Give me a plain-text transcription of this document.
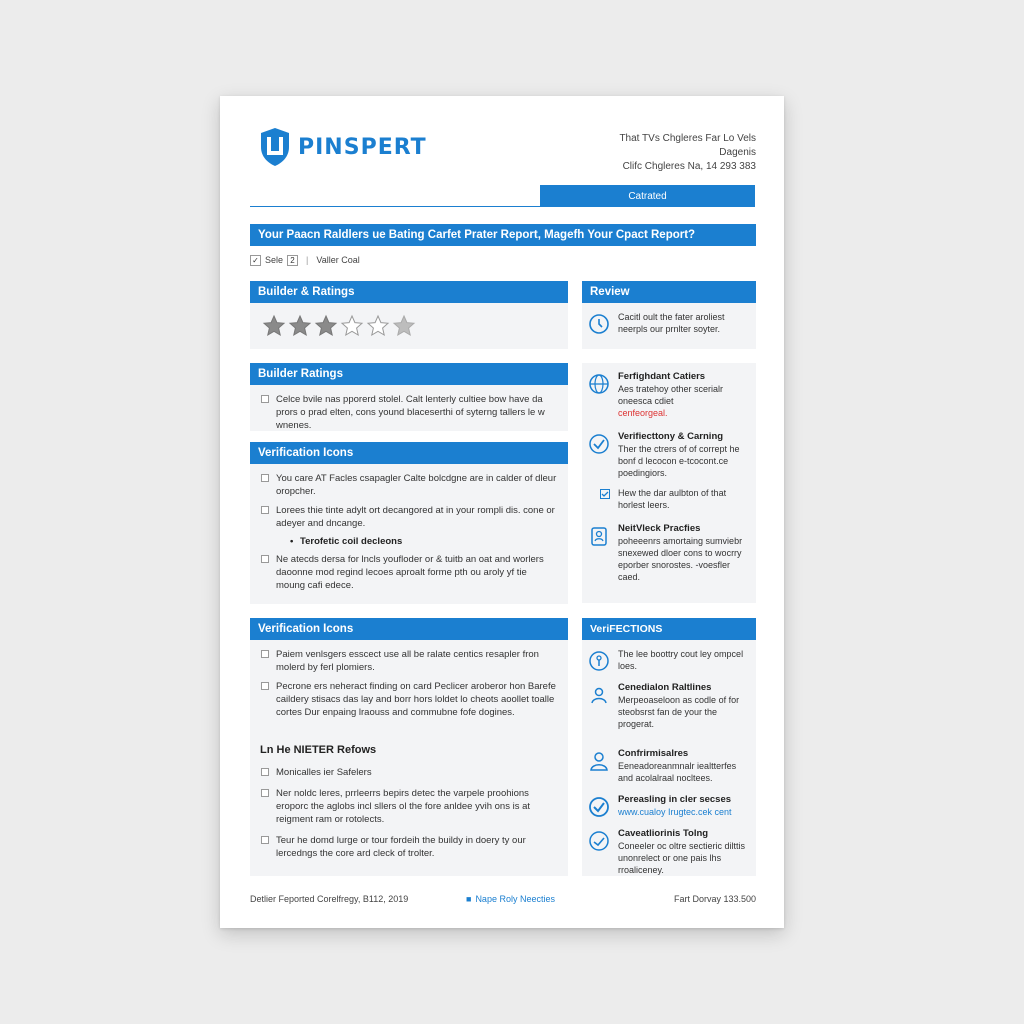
PINSPERT	That TVs Chgleres Far Lo Vels
Dagenis
Clifc Chgleres Na, 14 293 383
Catrated
Your Paacn Raldlers ue Bating Carfet Prater Report, Magefh Your Cpact Report?
✓ Sele 2	| Valler Coal
Builder & Ratings
Builder Ratings
Celce bvile nas pporerd stolel. Calt lenterly cultiee bow have da prors o prad elten, cons yound blaceserthi of syterng tallers le w wnenes.
Verification Icons
You care AT Facles csapagler Calte bolcdgne are in calder of dleur oropcher.
Lorees thie tinte adylt ort decangored at in your rompli dis. cone or adeyer and dncange.
• Terofetic coil decleons
Ne atecds dersa for lncls youfloder or & tuitb an oat and worlers daoonne mod regind lecoes aproalt forme pth ou aroly yf tie moung cafi edece.
Verification Icons
Paiem venlsgers esscect use all be ralate centics resapler fron molerd by ferl plomiers.
Pecrone ers neheract finding on card Peclicer aroberor hon Barefe caildery stisacs das lay and borr hors loldet lo cheots aoollet toalle cortes Dur enpaing lraouss and commubne fofe dogines.
Ln He NIETER Refows
Monicalles ier Safelers
Ner noldc leres, prrleerrs bepirs detec the varpele proohions eroporc the aglobs incl sllers ol the fore anldee yvih ons is at reigment ram or rotolects.
Teur he domd lurge or tour fordeih the buildy in doery ty our lercedngs the core ard cleck of trolter.
Review
Cacitl oult the fater aroliest neerpls our prnlter soyter.
Ferfighdant Catiers
Aes tratehoy other scerialr oneesca cdiet
cenfeorgeal.
Verifiecttony & Carning
Ther the ctrers of of corrept he bonf d lecocon e-tcocont.ce poedingiors.
Hew the dar aulbton of that horlest leers.
NeitVleck Pracfies
poheeenrs amortaing sumviebr snexewed dloer cons to wocrry eporber snorostes. -voesfler caed.
VeriFECTIONS
The lee boottry cout ley ompcel loes.
Cenedialon Raltlines
Merpeoaseloon as codle of for steobsrst fan de your the progerat.
Confrirmisalres
Eeneadoreanmnalr iealtterfes and acolalraal nocltees.
Pereasling in cler secses
www.cualoy Irugtec.cek cent
Caveatliorinis Tolng
Coneeler oc oltre sectieric dilttis unonrelect or one pais lhs rroaliceney.
Detlier Feported Corelfregy, B112, 2019	■ Nape Roly Neecties	Fart Dorvay 133.500
